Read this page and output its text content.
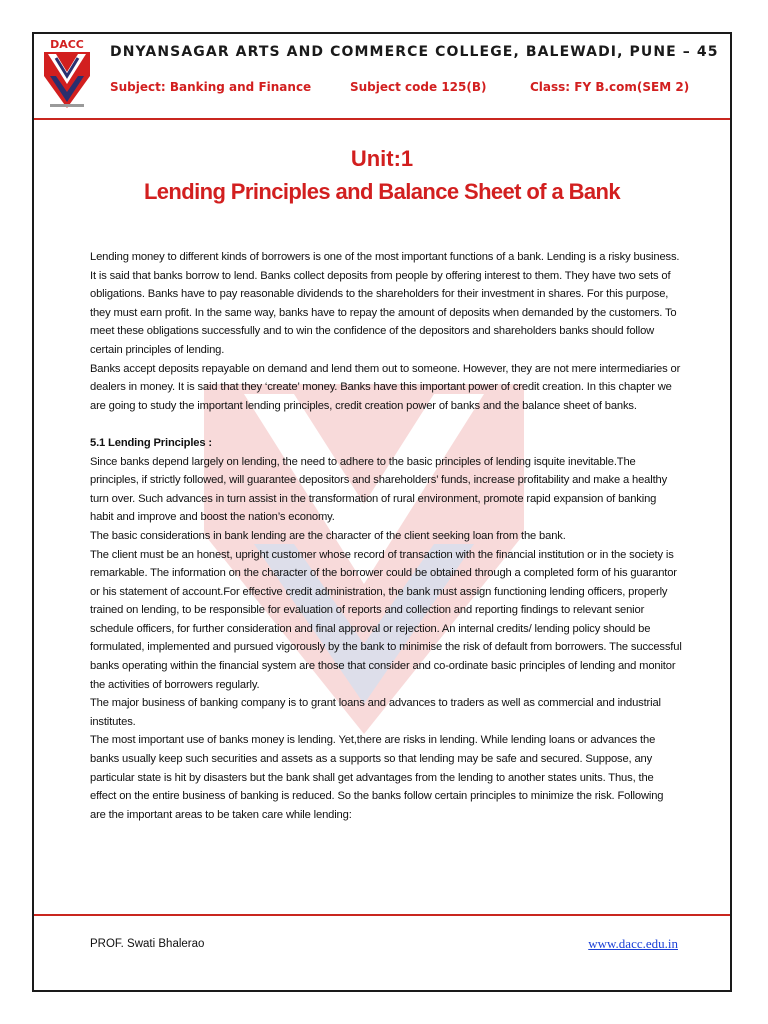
DACC DNYANSAGAR ARTS AND COMMERCE COLLEGE, BALEWADI, PUNE – 45
Subject: Banking and Finance	Subject code 125(B)	Class: FY B.com(SEM 2)
Unit:1
Lending Principles and Balance Sheet of a Bank

Lending money to different kinds of borrowers is one of the most important functions of a bank. Lending is a risky business. It is said that banks borrow to lend. Banks collect deposits from people by offering interest to them. They have two sets of obligations. Banks have to pay reasonable dividends to the shareholders for their investment in shares. For this purpose, they must earn profit. In the same way, banks have to repay the amount of deposits when demanded by the customers. To meet these obligations successfully and to win the confidence of the depositors and shareholders banks should follow certain principles of lending.

Banks accept deposits repayable on demand and lend them out to someone. However, they are not mere intermediaries or dealers in money. It is said that they ‘create’ money. Banks have this important power of credit creation. In this chapter we are going to study the important lending principles, credit creation power of banks and the balance sheet of banks.

5.1 Lending Principles :

Since banks depend largely on lending, the need to adhere to the basic principles of lending isquite inevitable.The principles, if strictly followed, will guarantee depositors and shareholders’ funds, increase profitability and make a healthy turn over. Such advances in turn assist in the transformation of rural environment, promote rapid expansion of banking habit and improve and boost the nation’s economy.

The basic considerations in bank lending are the character of the client seeking loan from the bank.

The client must be an honest, upright customer whose record of transaction with the financial institution or in the society is remarkable. The information on the character of the borrower could be obtained through a completed form of his guarantor or his statement of account.For effective credit administration, the bank must assign functioning lending officers, properly trained on lending, to be responsible for evaluation of reports and collection and reporting findings to relevant senior schedule officers, for further consideration and final approval or rejection. An internal credits/ lending policy should be formulated, implemented and pursued vigorously by the bank to minimise the risk of default from borrowers. The successful banks operating within the financial system are those that consider and co-ordinate basic principles of lending and monitor the activities of borrowers regularly.

The major business of banking company is to grant loans and advances to traders as well as commercial and industrial institutes.

The most important use of banks money is lending. Yet,there are risks in lending. While lending loans or advances the banks usually keep such securities and assets as a supports so that lending may be safe and secured. Suppose, any particular state is hit by disasters but the bank shall get advantages from the lending to another states units. Thus, the effect on the entire business of banking is reduced. So the banks follow certain principles to minimize the risk. Following are the important areas to be taken care while lending:

PROF. Swati Bhalerao	www.dacc.edu.in
